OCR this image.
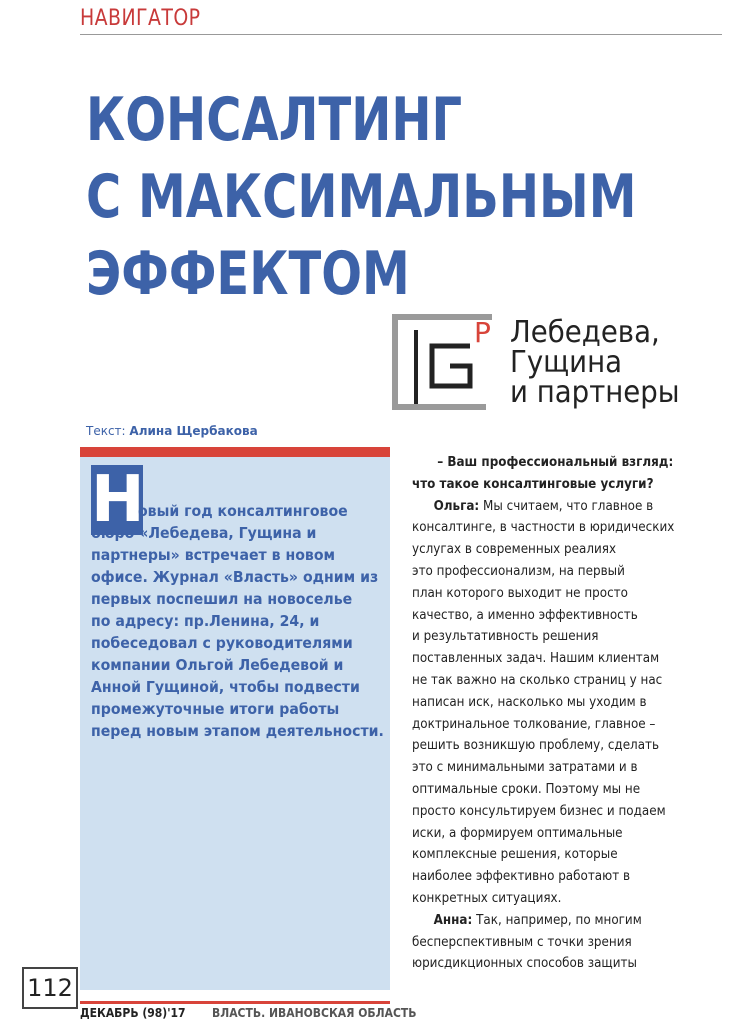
НАВИГАТОР
КОНСАЛТИНГ
С МАКСИМАЛЬНЫМ
ЭФФЕКТОМ
P Лебедева,
Гущина
и партнеры
Текст: Алина Щербакова
Н
овый год консалтинговое
бюро «Лебедева, Гущина и
партнеры» встречает в новом
офисе. Журнал «Власть» одним из
первых поспешил на новоселье
по адресу: пр.Ленина, 24, и
побеседовал с руководителями
компании Ольгой Лебедевой и
Анной Гущиной, чтобы подвести
промежуточные итоги работы
перед новым этапом деятельности.
– Ваш профессиональный взгляд:
что такое консалтинговые услуги?
Ольга: Мы считаем, что главное в
консалтинге, в частности в юридических
услугах в современных реалиях
это профессионализм, на первый
план которого выходит не просто
качество, а именно эффективность
и результативность решения
поставленных задач. Нашим клиентам
не так важно на сколько страниц у нас
написан иск, насколько мы уходим в
доктринальное толкование, главное –
решить возникшую проблему, сделать
это с минимальными затратами и в
оптимальные сроки. Поэтому мы не
просто консультируем бизнес и подаем
иски, а формируем оптимальные
комплексные решения, которые
наиболее эффективно работают в
конкретных ситуациях.
Анна: Так, например, по многим
бесперспективным с точки зрения
юрисдикционных способов защиты
112
ДЕКАБРЬ (98)'17 ВЛАСТЬ. ИВАНОВСКАЯ ОБЛАСТЬ
